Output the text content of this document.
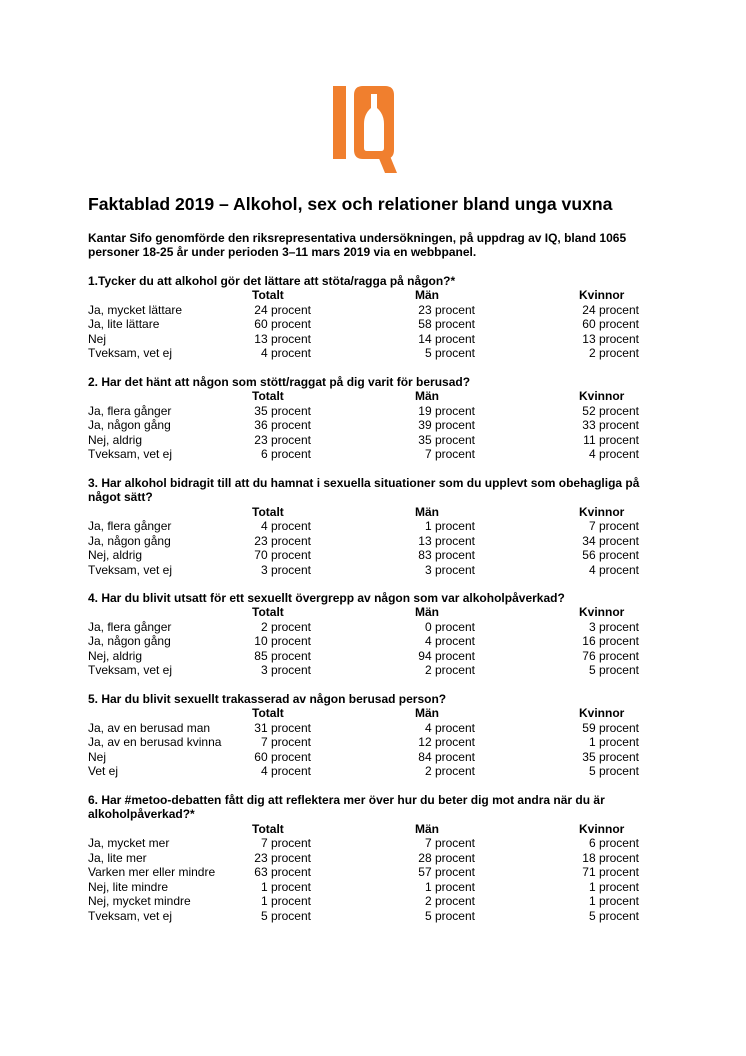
Faktablad 2019 – Alkohol, sex och relationer bland unga vuxna
Kantar Sifo genomförde den riksrepresentativa undersökningen, på uppdrag av IQ, bland 1065 personer 18-25 år under perioden 3–11 mars 2019 via en webbpanel.
1.Tycker du att alkohol gör det lättare att stöta/ragga på någon?*
Totalt	Män	Kvinnor
Ja, mycket lättare	24 procent	23 procent	24 procent
Ja, lite lättare	60 procent	58 procent	60 procent
Nej	13 procent	14 procent	13 procent
Tveksam, vet ej	4 procent	5 procent	2 procent
2. Har det hänt att någon som stött/raggat på dig varit för berusad?
Totalt	Män	Kvinnor
Ja, flera gånger	35 procent	19 procent	52 procent
Ja, någon gång	36 procent	39 procent	33 procent
Nej, aldrig	23 procent	35 procent	11 procent
Tveksam, vet ej	6 procent	7 procent	4 procent
3. Har alkohol bidragit till att du hamnat i sexuella situationer som du upplevt som obehagliga på något sätt?
Totalt	Män	Kvinnor
Ja, flera gånger	4 procent	1 procent	7 procent
Ja, någon gång	23 procent	13 procent	34 procent
Nej, aldrig	70 procent	83 procent	56 procent
Tveksam, vet ej	3 procent	3 procent	4 procent
4. Har du blivit utsatt för ett sexuellt övergrepp av någon som var alkoholpåverkad?
Totalt	Män	Kvinnor
Ja, flera gånger	2 procent	0 procent	3 procent
Ja, någon gång	10 procent	4 procent	16 procent
Nej, aldrig	85 procent	94 procent	76 procent
Tveksam, vet ej	3 procent	2 procent	5 procent
5. Har du blivit sexuellt trakasserad av någon berusad person?
Totalt	Män	Kvinnor
Ja, av en berusad man	31 procent	4 procent	59 procent
Ja, av en berusad kvinna	7 procent	12 procent	1 procent
Nej	60 procent	84 procent	35 procent
Vet ej	4 procent	2 procent	5 procent
6. Har #metoo-debatten fått dig att reflektera mer över hur du beter dig mot andra när du är alkoholpåverkad?*
Totalt	Män	Kvinnor
Ja, mycket mer	7 procent	7 procent	6 procent
Ja, lite mer	23 procent	28 procent	18 procent
Varken mer eller mindre	63 procent	57 procent	71 procent
Nej, lite mindre	1 procent	1 procent	1 procent
Nej, mycket mindre	1 procent	2 procent	1 procent
Tveksam, vet ej	5 procent	5 procent	5 procent
